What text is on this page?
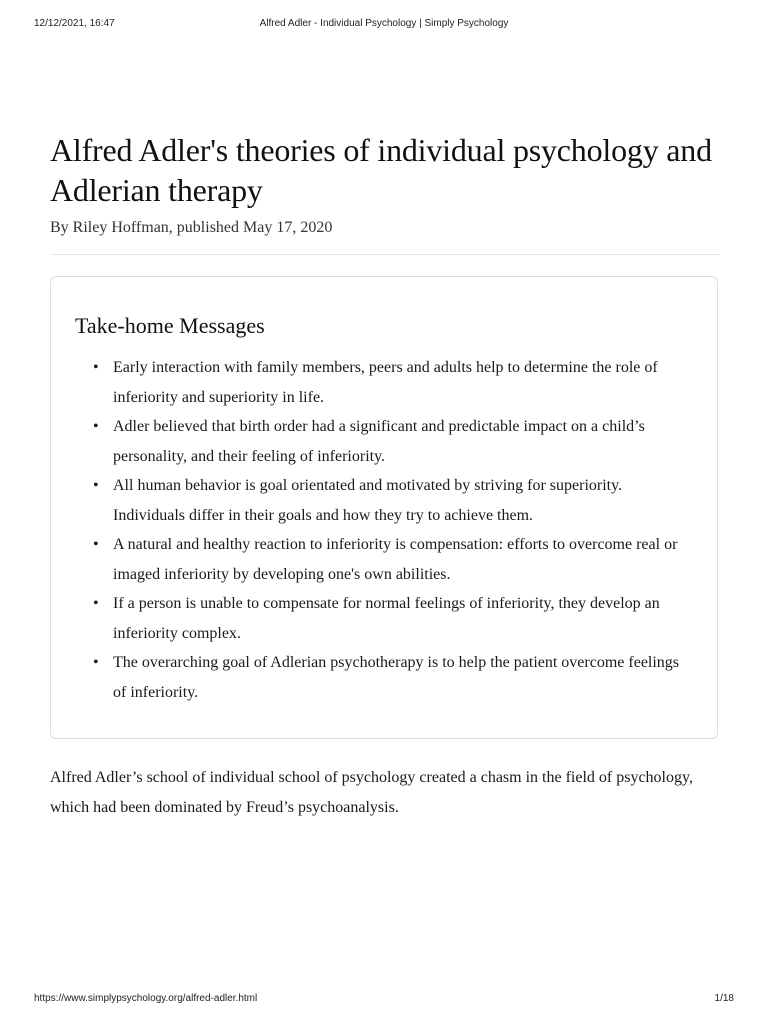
12/12/2021, 16:47	Alfred Adler - Individual Psychology | Simply Psychology
Alfred Adler's theories of individual psychology and Adlerian therapy
By Riley Hoffman, published May 17, 2020
Take-home Messages
• Early interaction with family members, peers and adults help to determine the role of inferiority and superiority in life.
• Adler believed that birth order had a significant and predictable impact on a child’s personality, and their feeling of inferiority.
• All human behavior is goal orientated and motivated by striving for superiority. Individuals differ in their goals and how they try to achieve them.
• A natural and healthy reaction to inferiority is compensation: efforts to overcome real or imaged inferiority by developing one's own abilities.
• If a person is unable to compensate for normal feelings of inferiority, they develop an inferiority complex.
• The overarching goal of Adlerian psychotherapy is to help the patient overcome feelings of inferiority.

Alfred Adler’s school of individual school of psychology created a chasm in the field of psychology, which had been dominated by Freud’s psychoanalysis.

https://www.simplypsychology.org/alfred-adler.html	1/18
